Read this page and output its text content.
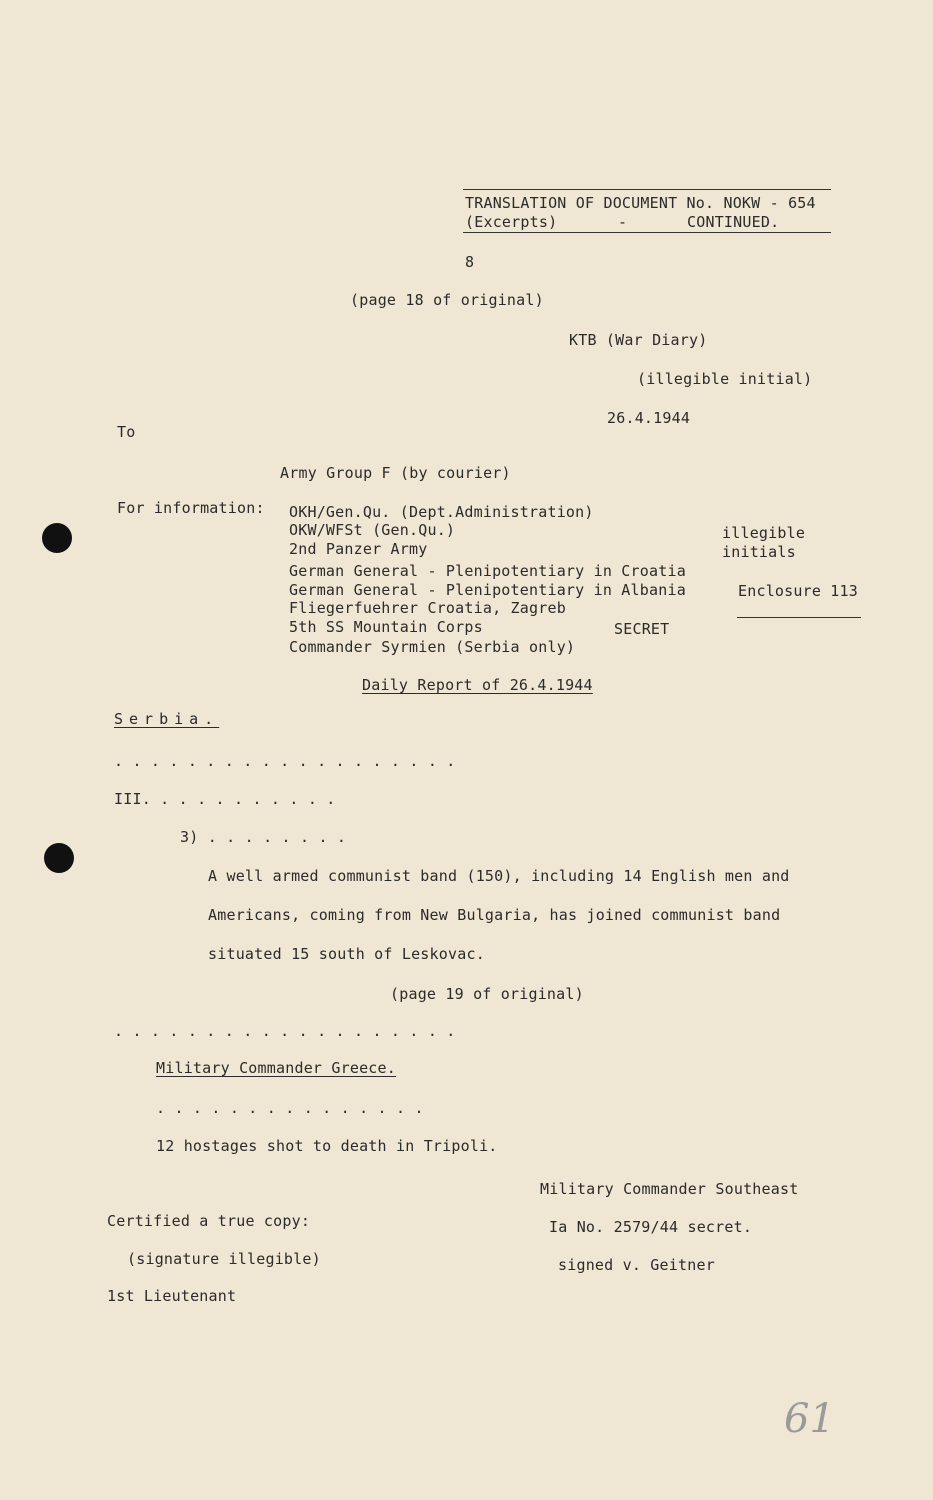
TRANSLATION OF DOCUMENT No. NOKW - 654
(Excerpts)	-	CONTINUED.
8
(page 18 of original)
KTB (War Diary)
(illegible initial)
26.4.1944
To
Army Group F (by courier)
For information: OKH/Gen.Qu. (Dept.Administration)
OKW/WFSt (Gen.Qu.)
2nd Panzer Army
German General - Plenipotentiary in Croatia
German General - Plenipotentiary in Albania
Fliegerfuehrer Croatia, Zagreb
5th SS Mountain Corps
Commander Syrmien (Serbia only)
illegible
initials
Enclosure 113
SECRET
Daily Report of 26.4.1944
Serbia.
. . . . . . . . . . . . . . . . . . .
III. . . . . . . . . . .
3) . . . . . . . .
A well armed communist band (150), including 14 English men and
Americans, coming from New Bulgaria, has joined communist band
situated 15 south of Leskovac.
(page 19 of original)
. . . . . . . . . . . . . . . . . . .
Military Commander Greece.
. . . . . . . . . . . . . . .
12 hostages shot to death in Tripoli.
Military Commander Southeast
Ia No. 2579/44 secret.
signed v. Geitner
Certified a true copy:
(signature illegible)
1st Lieutenant
61
